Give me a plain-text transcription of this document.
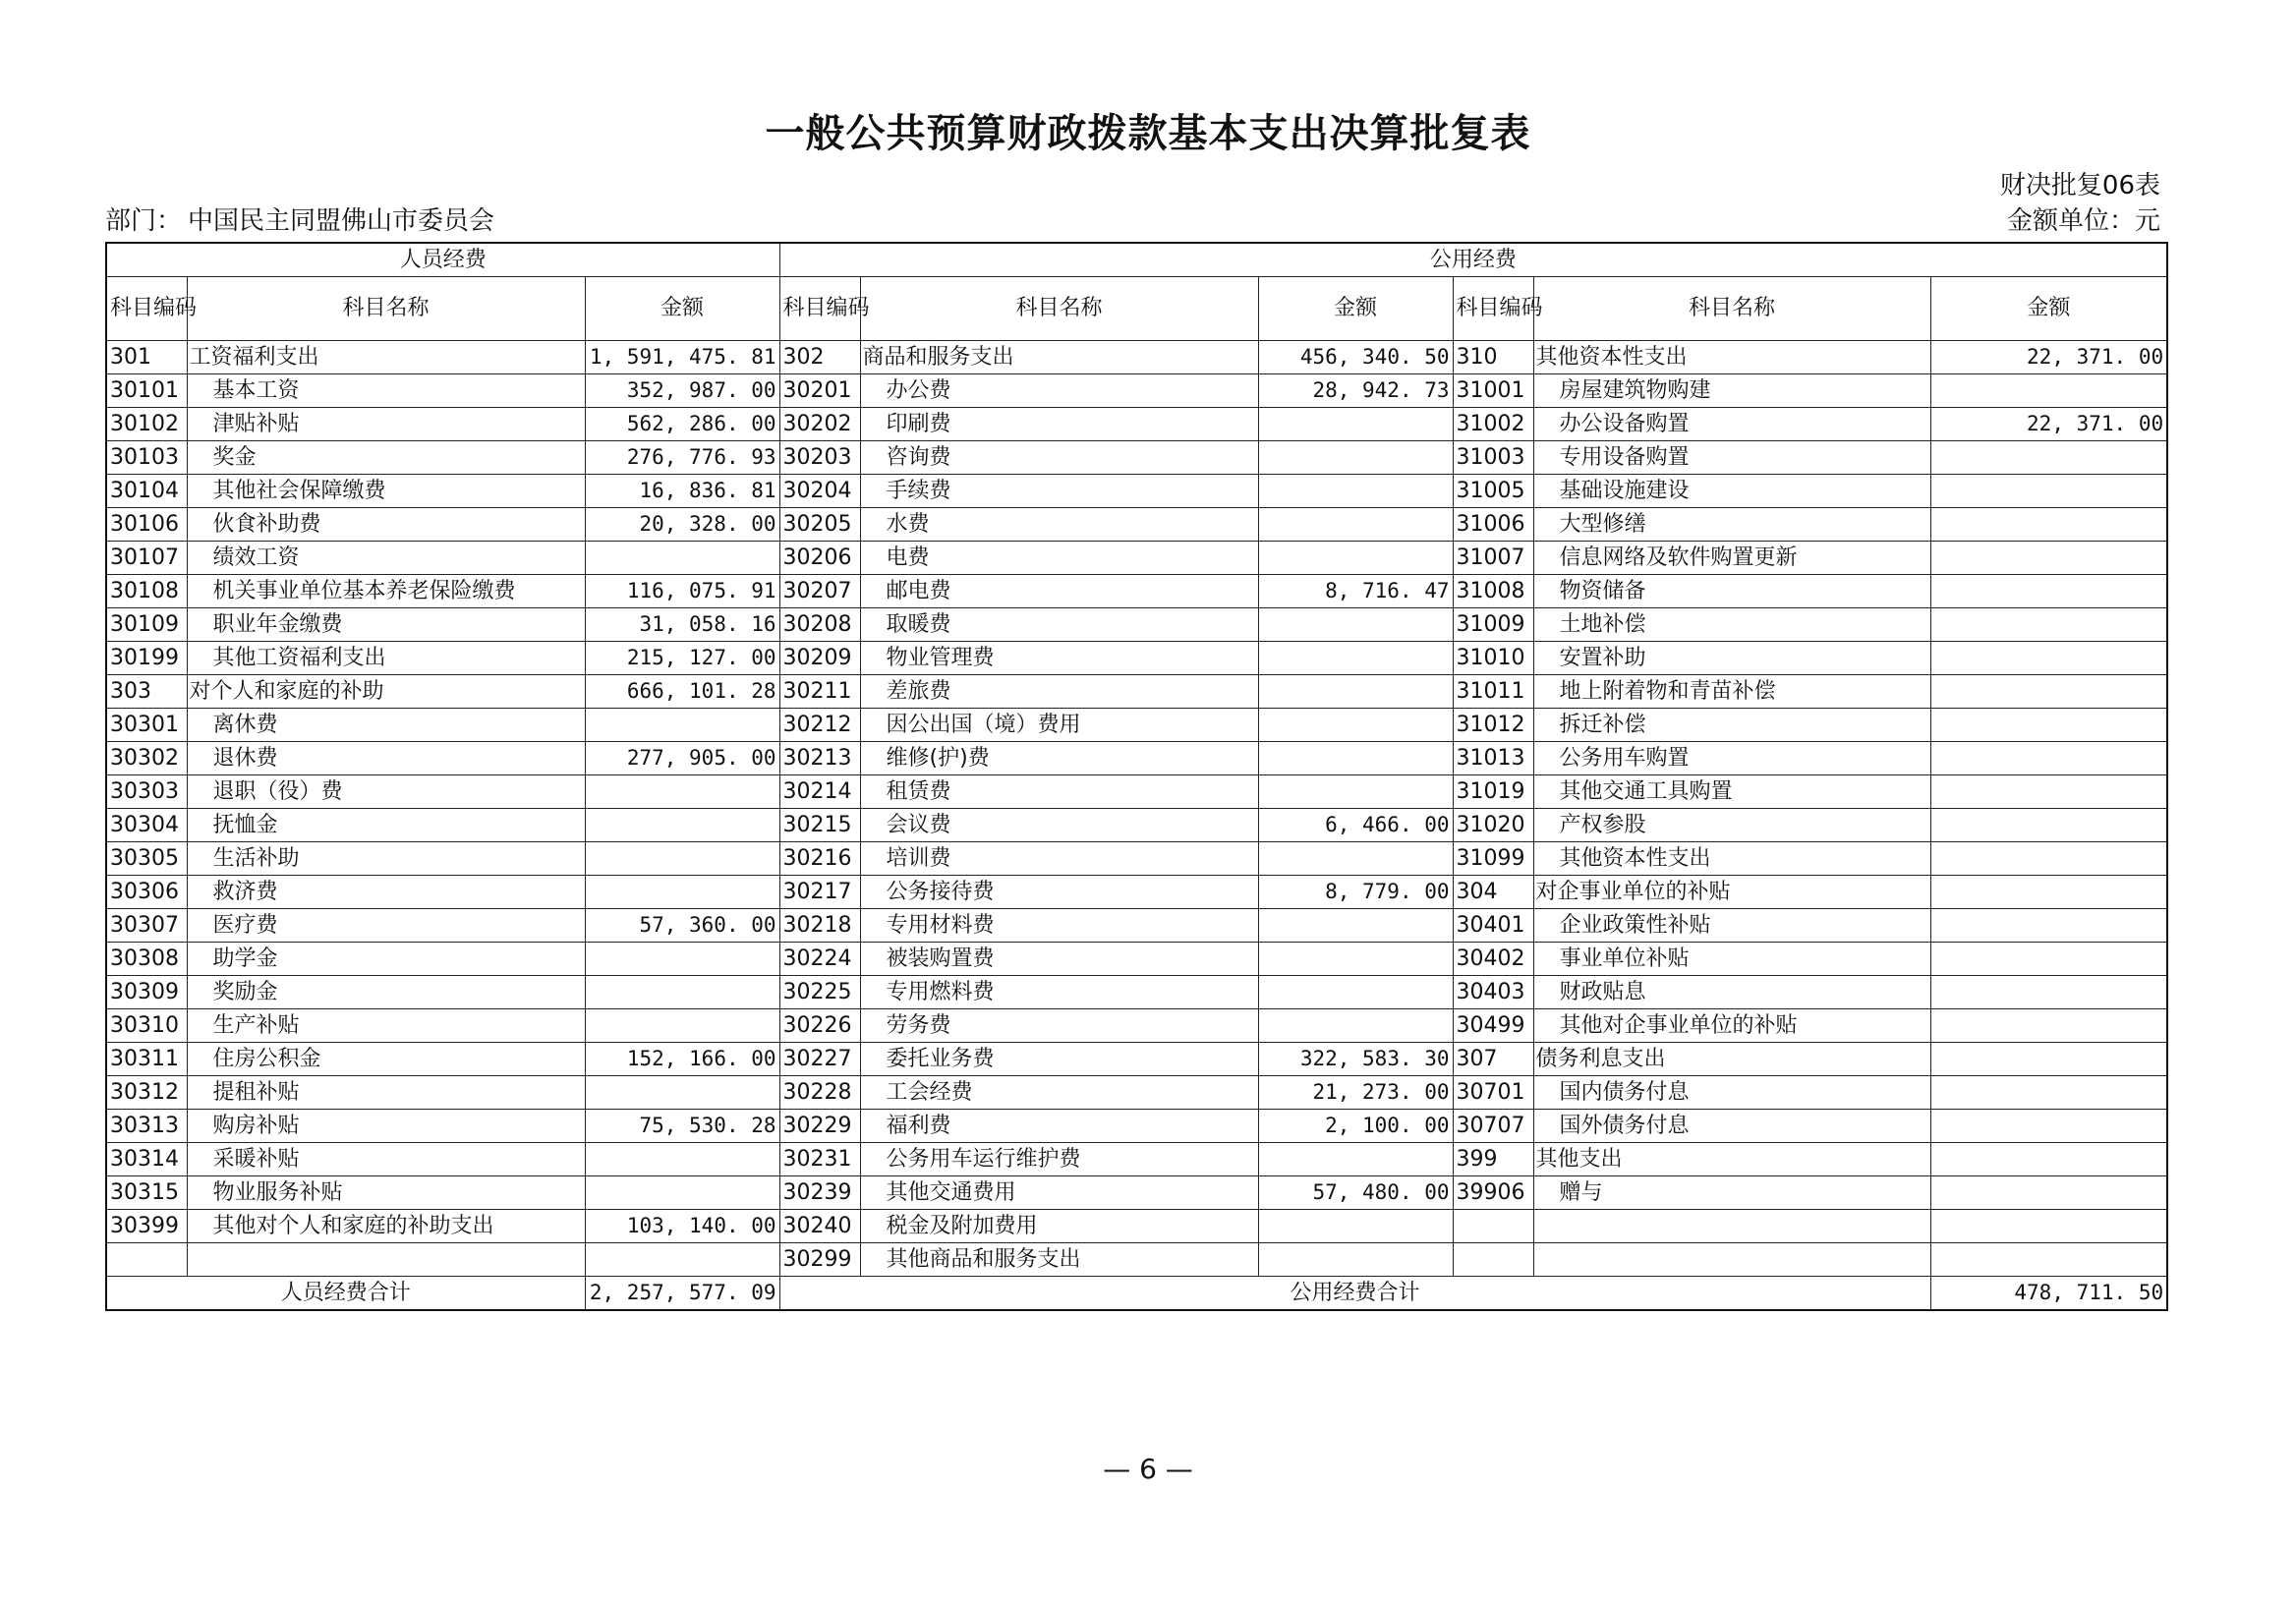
一般公共预算财政拨款基本支出决算批复表
财决批复06表
部门： 中国民主同盟佛山市委员会	金额单位：元
人员经费			公用经费					
科目编码	科目名称	金额	科目编码	科目名称	金额	科目编码	科目名称	金额
301	工资福利支出	1, 591, 475. 81	302	商品和服务支出	456, 340. 50	310	其他资本性支出	22, 371. 00
30101	基本工资	352, 987. 00	30201	办公费	28, 942. 73	31001	房屋建筑物购建	
30102	津贴补贴	562, 286. 00	30202	印刷费		31002	办公设备购置	22, 371. 00
30103	奖金	276, 776. 93	30203	咨询费		31003	专用设备购置	
30104	其他社会保障缴费	16, 836. 81	30204	手续费		31005	基础设施建设	
30106	伙食补助费	20, 328. 00	30205	水费		31006	大型修缮	
30107	绩效工资		30206	电费		31007	信息网络及软件购置更新	
30108	机关事业单位基本养老保险缴费	116, 075. 91	30207	邮电费	8, 716. 47	31008	物资储备	
30109	职业年金缴费	31, 058. 16	30208	取暖费		31009	土地补偿	
30199	其他工资福利支出	215, 127. 00	30209	物业管理费		31010	安置补助	
303	对个人和家庭的补助	666, 101. 28	30211	差旅费		31011	地上附着物和青苗补偿	
30301	离休费		30212	因公出国（境）费用		31012	拆迁补偿	
30302	退休费	277, 905. 00	30213	维修(护)费		31013	公务用车购置	
30303	退职（役）费		30214	租赁费		31019	其他交通工具购置	
30304	抚恤金		30215	会议费	6, 466. 00	31020	产权参股	
30305	生活补助		30216	培训费		31099	其他资本性支出	
30306	救济费		30217	公务接待费	8, 779. 00	304	对企事业单位的补贴	
30307	医疗费	57, 360. 00	30218	专用材料费		30401	企业政策性补贴	
30308	助学金		30224	被装购置费		30402	事业单位补贴	
30309	奖励金		30225	专用燃料费		30403	财政贴息	
30310	生产补贴		30226	劳务费		30499	其他对企事业单位的补贴	
30311	住房公积金	152, 166. 00	30227	委托业务费	322, 583. 30	307	债务利息支出	
30312	提租补贴		30228	工会经费	21, 273. 00	30701	国内债务付息	
30313	购房补贴	75, 530. 28	30229	福利费	2, 100. 00	30707	国外债务付息	
30314	采暖补贴		30231	公务用车运行维护费		399	其他支出	
30315	物业服务补贴		30239	其他交通费用	57, 480. 00	39906	赠与	
30399	其他对个人和家庭的补助支出	103, 140. 00	30240	税金及附加费用				
			30299	其他商品和服务支出				
人员经费合计		2, 257, 577. 09	公用经费合计					478, 711. 50
— 6 —
